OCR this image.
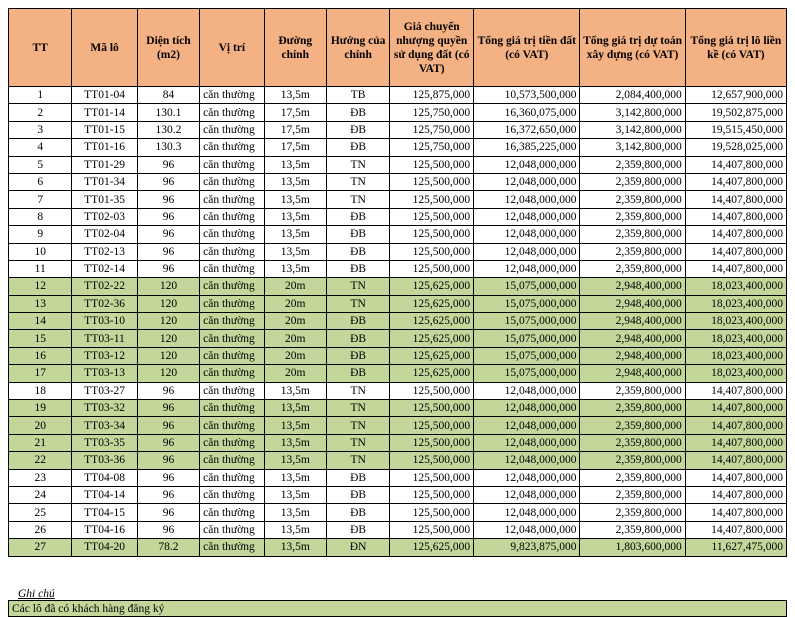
TT	Mã lô	Diện tích (m2)	Vị trí	Đường chính	Hướng của chính	Giá chuyển nhượng quyền sử dụng đất (có VAT)	Tổng giá trị tiền đất (có VAT)	Tổng giá trị dự toán xây dựng (có VAT)	Tổng giá trị lô liền kề (có VAT)
1	TT01-04	84	căn thường	13,5m	TB	125,875,000	10,573,500,000	2,084,400,000	12,657,900,000
2	TT01-14	130.1	căn thường	17,5m	ĐB	125,750,000	16,360,075,000	3,142,800,000	19,502,875,000
3	TT01-15	130.2	căn thường	17,5m	ĐB	125,750,000	16,372,650,000	3,142,800,000	19,515,450,000
4	TT01-16	130.3	căn thường	17,5m	ĐB	125,750,000	16,385,225,000	3,142,800,000	19,528,025,000
5	TT01-29	96	căn thường	13,5m	TN	125,500,000	12,048,000,000	2,359,800,000	14,407,800,000
6	TT01-34	96	căn thường	13,5m	TN	125,500,000	12,048,000,000	2,359,800,000	14,407,800,000
7	TT01-35	96	căn thường	13,5m	TN	125,500,000	12,048,000,000	2,359,800,000	14,407,800,000
8	TT02-03	96	căn thường	13,5m	ĐB	125,500,000	12,048,000,000	2,359,800,000	14,407,800,000
9	TT02-04	96	căn thường	13,5m	ĐB	125,500,000	12,048,000,000	2,359,800,000	14,407,800,000
10	TT02-13	96	căn thường	13,5m	ĐB	125,500,000	12,048,000,000	2,359,800,000	14,407,800,000
11	TT02-14	96	căn thường	13,5m	ĐB	125,500,000	12,048,000,000	2,359,800,000	14,407,800,000
12	TT02-22	120	căn thường	20m	TN	125,625,000	15,075,000,000	2,948,400,000	18,023,400,000
13	TT02-36	120	căn thường	20m	TN	125,625,000	15,075,000,000	2,948,400,000	18,023,400,000
14	TT03-10	120	căn thường	20m	ĐB	125,625,000	15,075,000,000	2,948,400,000	18,023,400,000
15	TT03-11	120	căn thường	20m	ĐB	125,625,000	15,075,000,000	2,948,400,000	18,023,400,000
16	TT03-12	120	căn thường	20m	ĐB	125,625,000	15,075,000,000	2,948,400,000	18,023,400,000
17	TT03-13	120	căn thường	20m	ĐB	125,625,000	15,075,000,000	2,948,400,000	18,023,400,000
18	TT03-27	96	căn thường	13,5m	TN	125,500,000	12,048,000,000	2,359,800,000	14,407,800,000
19	TT03-32	96	căn thường	13,5m	TN	125,500,000	12,048,000,000	2,359,800,000	14,407,800,000
20	TT03-34	96	căn thường	13,5m	TN	125,500,000	12,048,000,000	2,359,800,000	14,407,800,000
21	TT03-35	96	căn thường	13,5m	TN	125,500,000	12,048,000,000	2,359,800,000	14,407,800,000
22	TT03-36	96	căn thường	13,5m	TN	125,500,000	12,048,000,000	2,359,800,000	14,407,800,000
23	TT04-08	96	căn thường	13,5m	ĐB	125,500,000	12,048,000,000	2,359,800,000	14,407,800,000
24	TT04-14	96	căn thường	13,5m	ĐB	125,500,000	12,048,000,000	2,359,800,000	14,407,800,000
25	TT04-15	96	căn thường	13,5m	ĐB	125,500,000	12,048,000,000	2,359,800,000	14,407,800,000
26	TT04-16	96	căn thường	13,5m	ĐB	125,500,000	12,048,000,000	2,359,800,000	14,407,800,000
27	TT04-20	78.2	căn thường	13,5m	ĐN	125,625,000	9,823,875,000	1,803,600,000	11,627,475,000
Ghi chú
Các lô đã có khách hàng đăng ký
